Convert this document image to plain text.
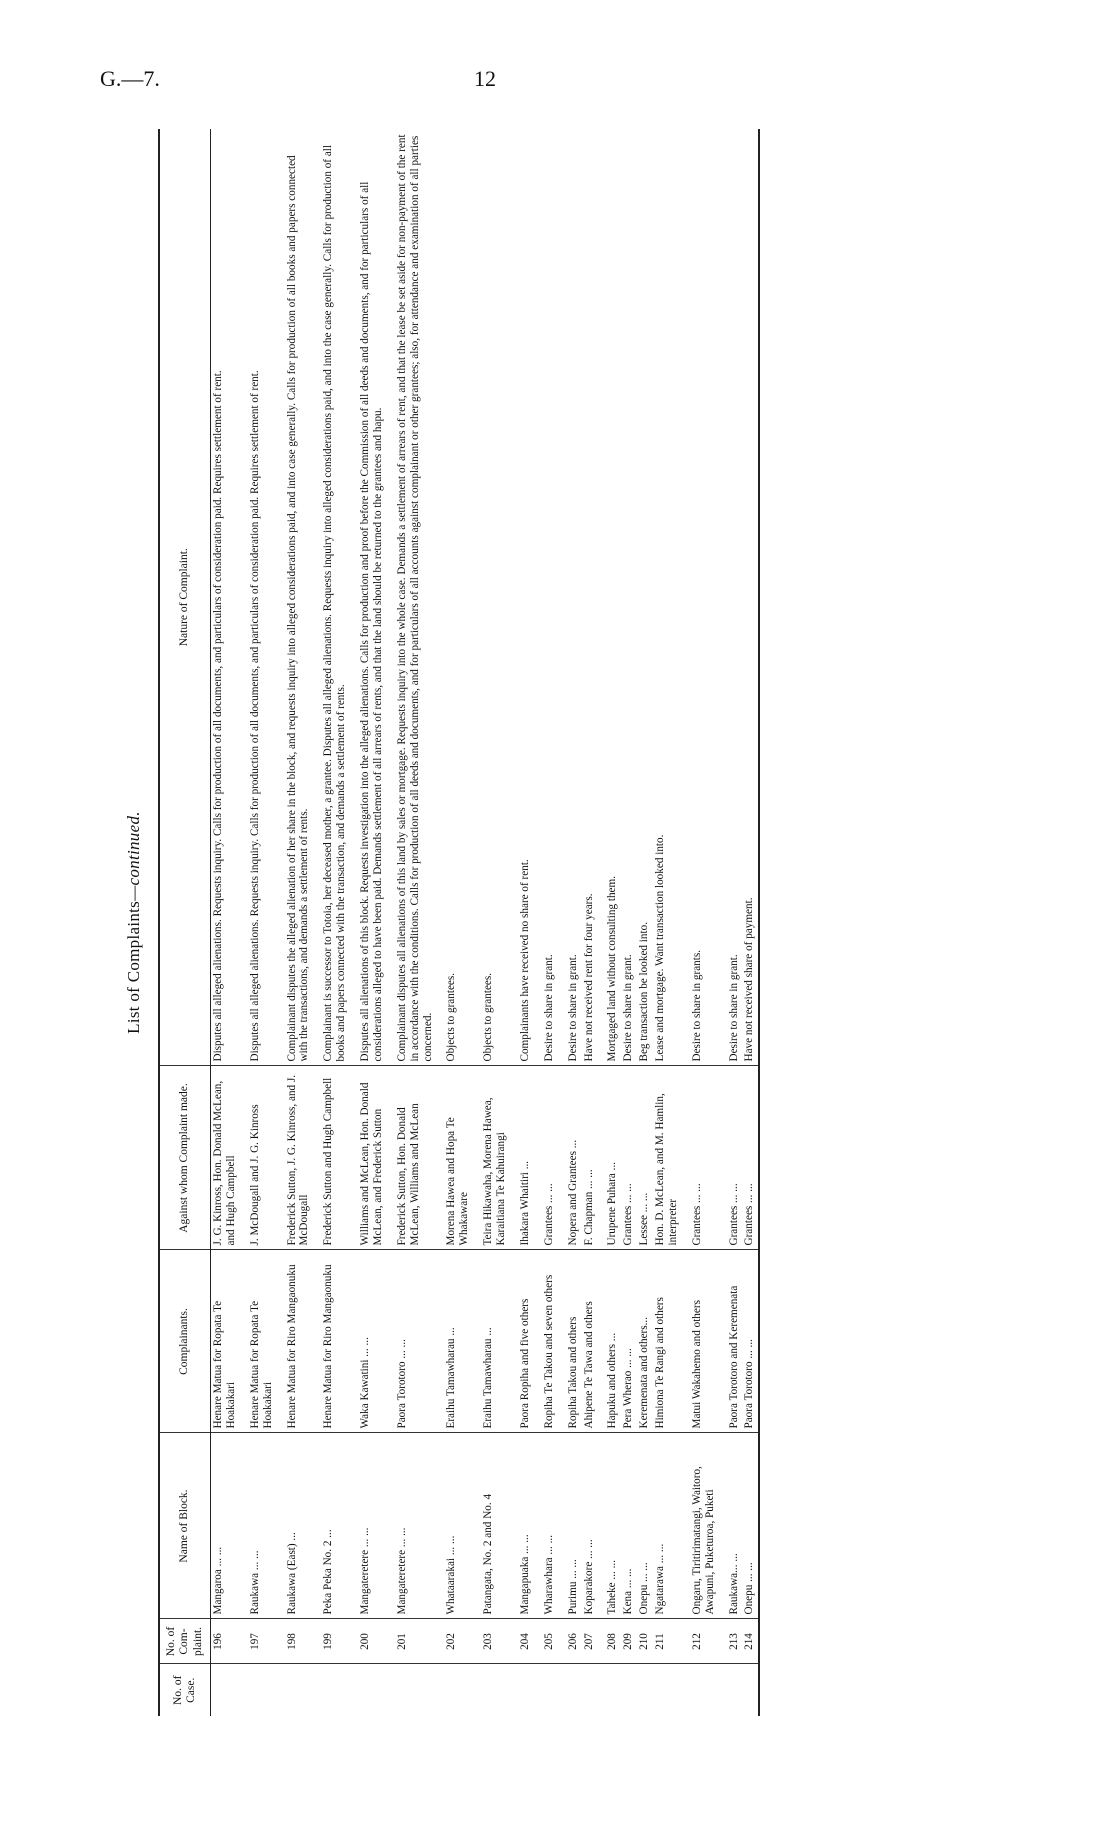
G.—7.	12
List of Complaints—continued.
No. of Case.	No. of Com-plaint.	Name of Block.	Complainants.	Against whom Complaint made.	Nature of Complaint.
	196	Mangaroa ... ...	Henare Matua for Ropata Te Hoakakari	J. G. Kinross, Hon. Donald McLean, and Hugh Campbell	Disputes all alleged alienations. Requests inquiry. Calls for production of all documents, and particulars of consideration paid. Requires settlement of rent.
	197	Raukawa ... ...	Henare Matua for Ropata Te Hoakakari	J. McDougall and J. G. Kinross	Disputes all alleged alienations. Requests inquiry. Calls for production of all documents, and particulars of consideration paid. Requires settlement of rent.
	198	Raukawa (East) ...	Henare Matua for Riro Mangaonuku	Frederick Sutton, J. G. Kinross, and J. McDougall	Complainant disputes the alleged alienation of her share in the block, and requests inquiry into alleged considerations paid, and into case generally. Calls for production of all books and papers connected with the transactions, and demands a settlement of rents.
	199	Peka Peka No. 2 ...	Henare Matua for Riro Mangaonuku	Frederick Sutton and Hugh Campbell	Complainant is successor to Totoia, her deceased mother, a grantee. Disputes all alleged alienations. Requests inquiry into alleged considerations paid, and into the case generally. Calls for production of all books and papers connected with the transaction, and demands a settlement of rents.
	200	Mangateretere ... ...	Waka Kawatini ... ...	Williams and McLean, Hon. Donald McLean, and Frederick Sutton	Disputes all alienations of this block. Requests investigation into the alleged alienations. Calls for production and proof before the Commission of all deeds and documents, and for particulars of all considerations alleged to have been paid. Demands settlement of all arrears of rents, and that the land should be returned to the grantees and hapu.
	201	Mangateretere ... ...	Paora Torotoro ... ...	Frederick Sutton, Hon. Donald McLean, Williams and McLean	Complainant disputes all alienations of this land by sales or mortgage. Requests inquiry into the whole case. Demands a settlement of arrears of rent, and that the lease be set aside for non-payment of the rent in accordance with the conditions. Calls for production of all deeds and documents, and for particulars of all accounts against complainant or other grantees; also, for attendance and examination of all parties concerned.
	202	Whataarakai ... ...	Eraihu Tamawharau ...	Morena Hawea and Hopa Te Whakaware	Objects to grantees.
	203	Patangata, No. 2 and No. 4	Eraihu Tamawharau ...	Teira Hikawaha, Morena Hawea, Karaitiana Te Kahuirangi	Objects to grantees.
	204	Mangapuaka ... ...	Paora Ropiha and five others	Ihakara Whaitiri ...	Complainants have received no share of rent.
	205	Wharawhara ... ...	Ropiha Te Takou and seven others	Grantees ... ...	Desire to share in grant.
	206	Purimu ... ...	Ropiha Takou and others	Nopera and Grantees ...	Desire to share in grant.
	207	Koparakore ... ...	Ahipene Te Tawa and others	F. Chapman ... ...	Have not received rent for four years.
	208	Taheke ... ...	Hapuku and others ...	Urupene Puhara ...	Mortgaged land without consulting them.
	209	Kena ... ...	Pera Wherao ... ...	Grantees ... ...	Desire to share in grant.
	210	Onepu ... ...	Keremenata and others...	Lessee ... ...	Beg transaction be looked into.
	211	Ngatarawa ... ...	Himiona Te Rangi and others	Hon. D. McLean, and M. Hamlin, interpreter	Lease and mortgage. Want transaction looked into.
	212	Ongaru, Tiritirimatangi, Waitoro, Awapuni, Puketuroa, Puketi	Matui Wakahemo and others	Grantees ... ...	Desire to share in grants.
	213	Raukawa... ...	Paora Torotoro and Keremenata	Grantees ... ...	Desire to share in grant.
	214	Onepu ... ...	Paora Torotoro ... ...	Grantees ... ...	Have not received share of payment.
